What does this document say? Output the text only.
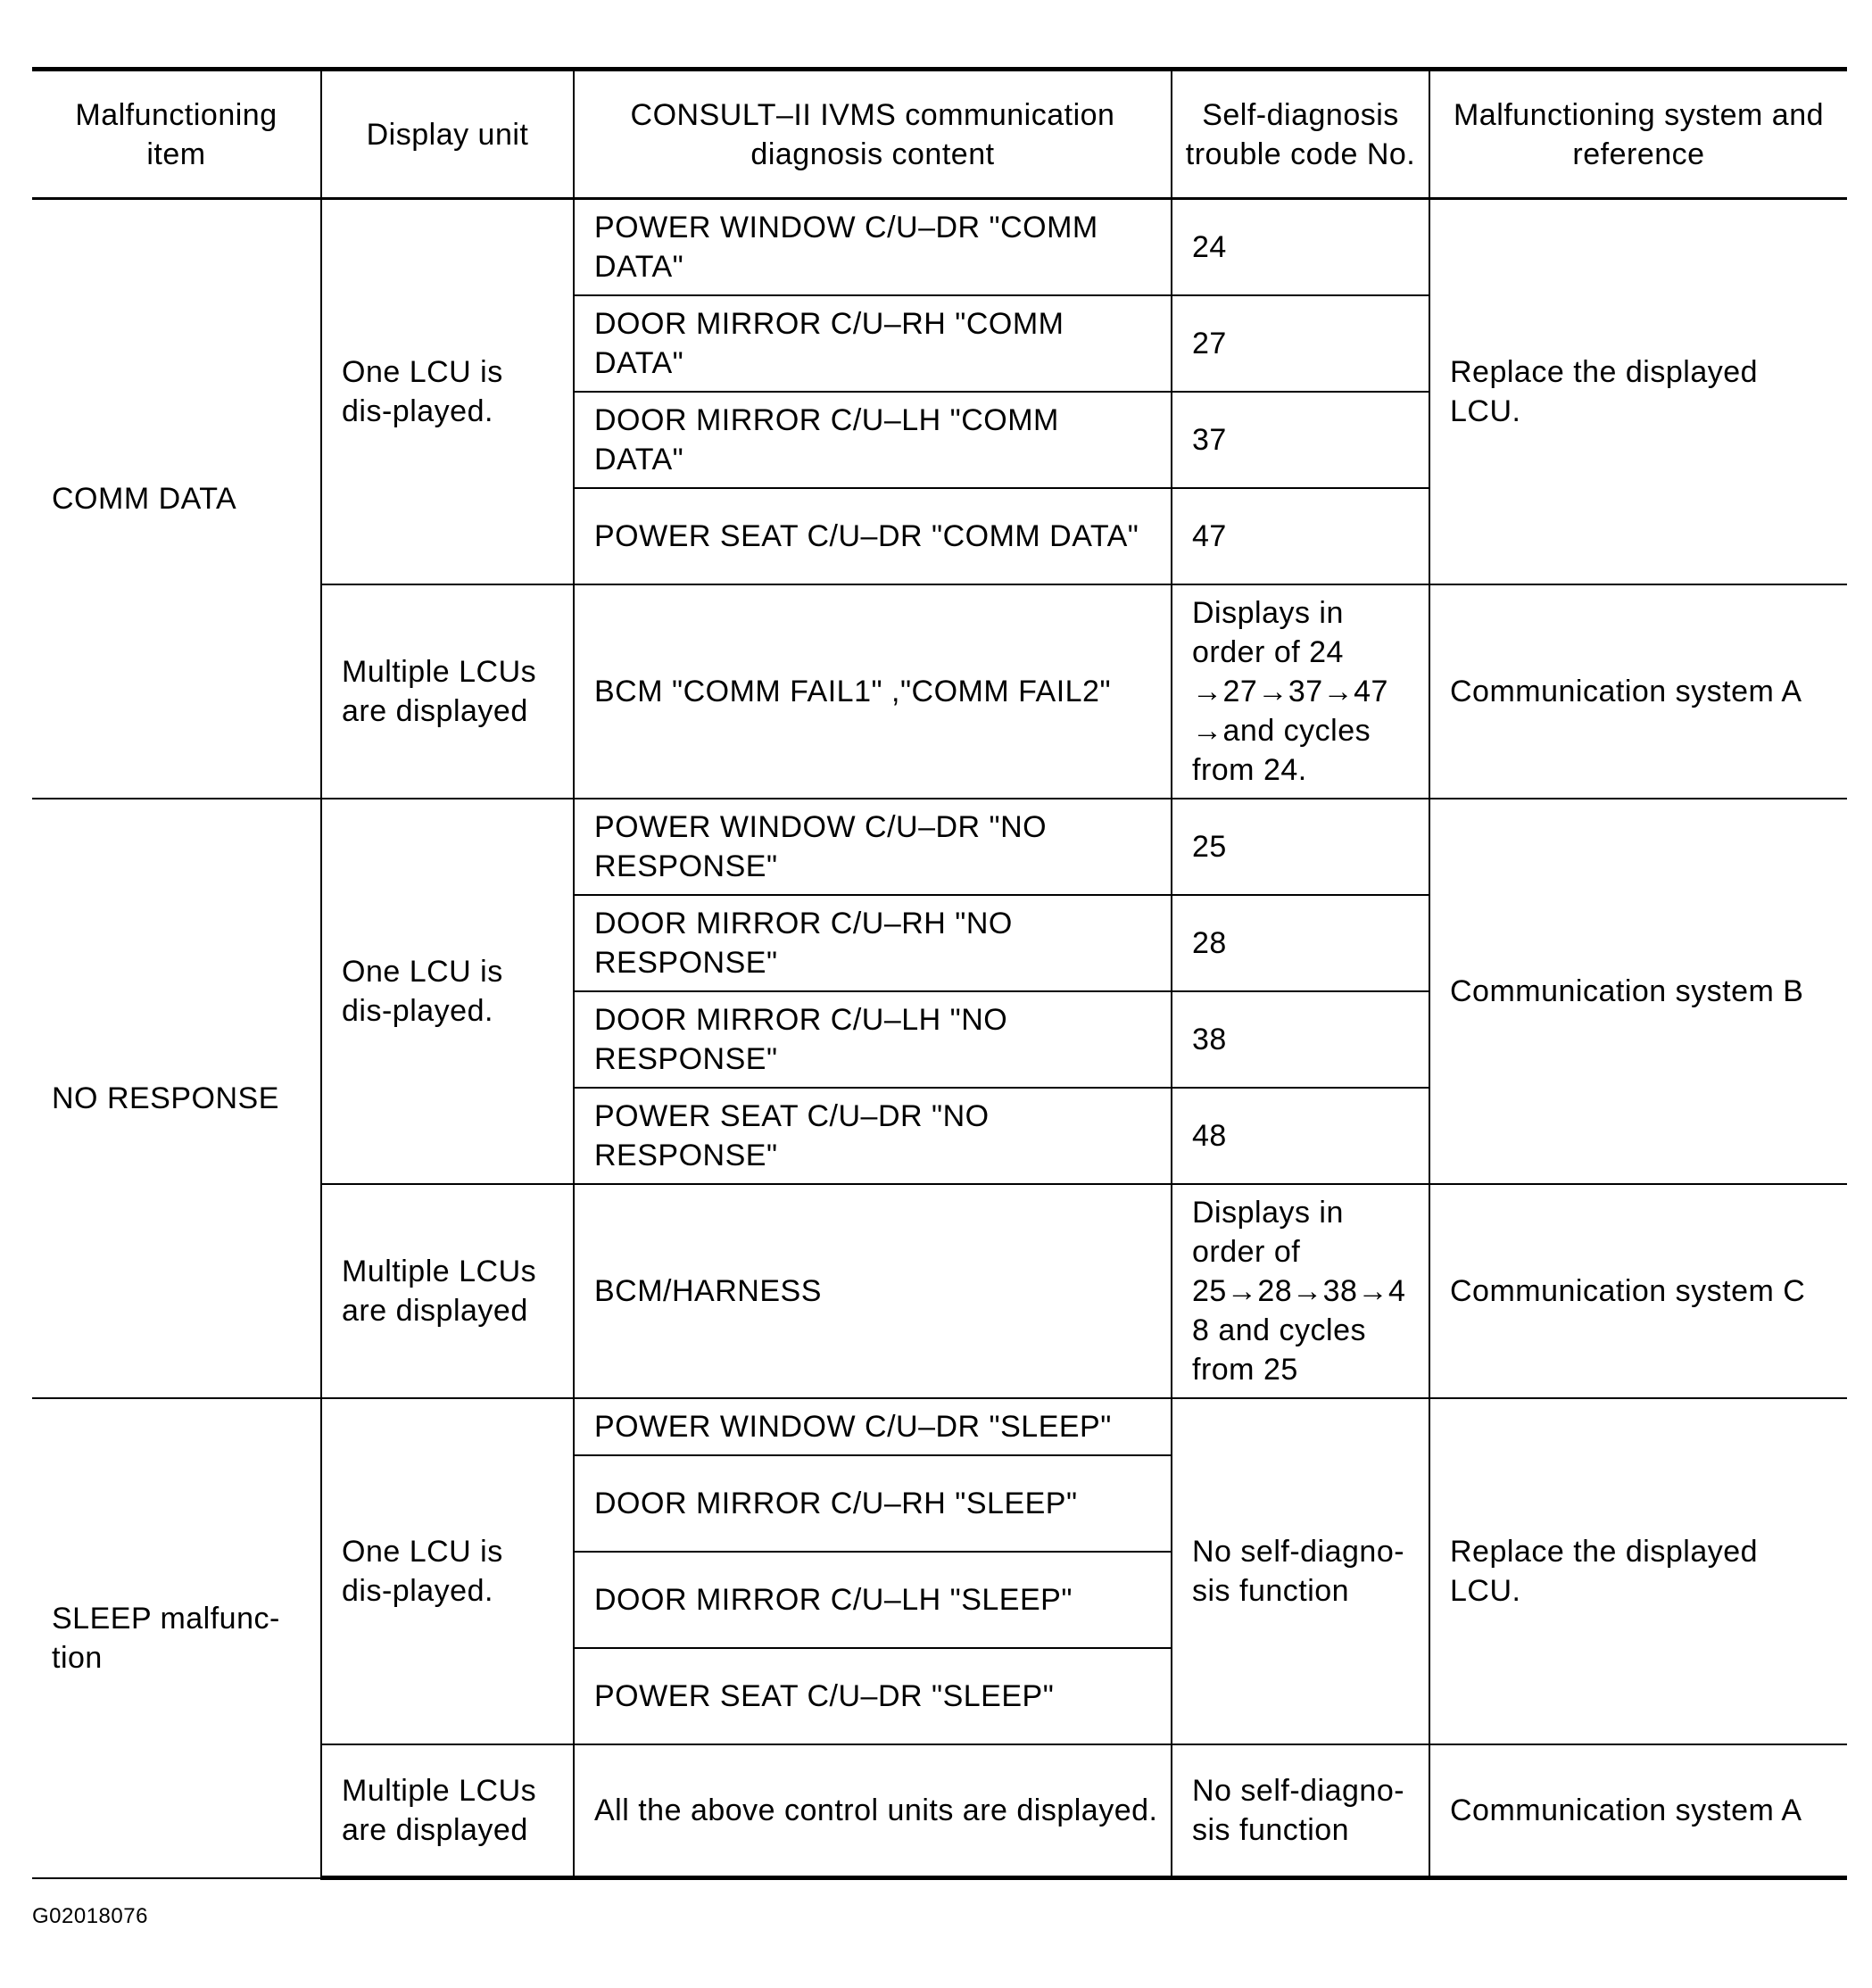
Malfunctioning item	Display unit	CONSULT–II IVMS communication diagnosis content	Self-diagnosis trouble code No.	Malfunctioning system and reference
COMM DATA	One LCU is dis-played.	POWER WINDOW C/U–DR "COMM DATA"	24	Replace the displayed LCU.
		DOOR MIRROR C/U–RH "COMM DATA"	27	
		DOOR MIRROR C/U–LH "COMM DATA"	37	
		POWER SEAT C/U–DR "COMM DATA"	47	
	Multiple LCUs are displayed	BCM "COMM FAIL1" ,"COMM FAIL2"	Displays in order of 24 →27→37→47 →and cycles from 24.	Communication system A
NO RESPONSE	One LCU is dis-played.	POWER WINDOW C/U–DR "NO RESPONSE"	25	Communication system B
		DOOR MIRROR C/U–RH "NO RESPONSE"	28	
		DOOR MIRROR C/U–LH "NO RESPONSE"	38	
		POWER SEAT C/U–DR "NO RESPONSE"	48	
	Multiple LCUs are displayed	BCM/HARNESS	Displays in order of 25→28→38→4 8 and cycles from 25	Communication system C
SLEEP malfunc-tion	One LCU is dis-played.	POWER WINDOW C/U–DR "SLEEP"	No self-diagno-sis function	Replace the displayed LCU.
		DOOR MIRROR C/U–RH "SLEEP"		
		DOOR MIRROR C/U–LH "SLEEP"		
		POWER SEAT C/U–DR "SLEEP"		
	Multiple LCUs are displayed	All the above control units are displayed.	No self-diagno-sis function	Communication system A
G02018076
